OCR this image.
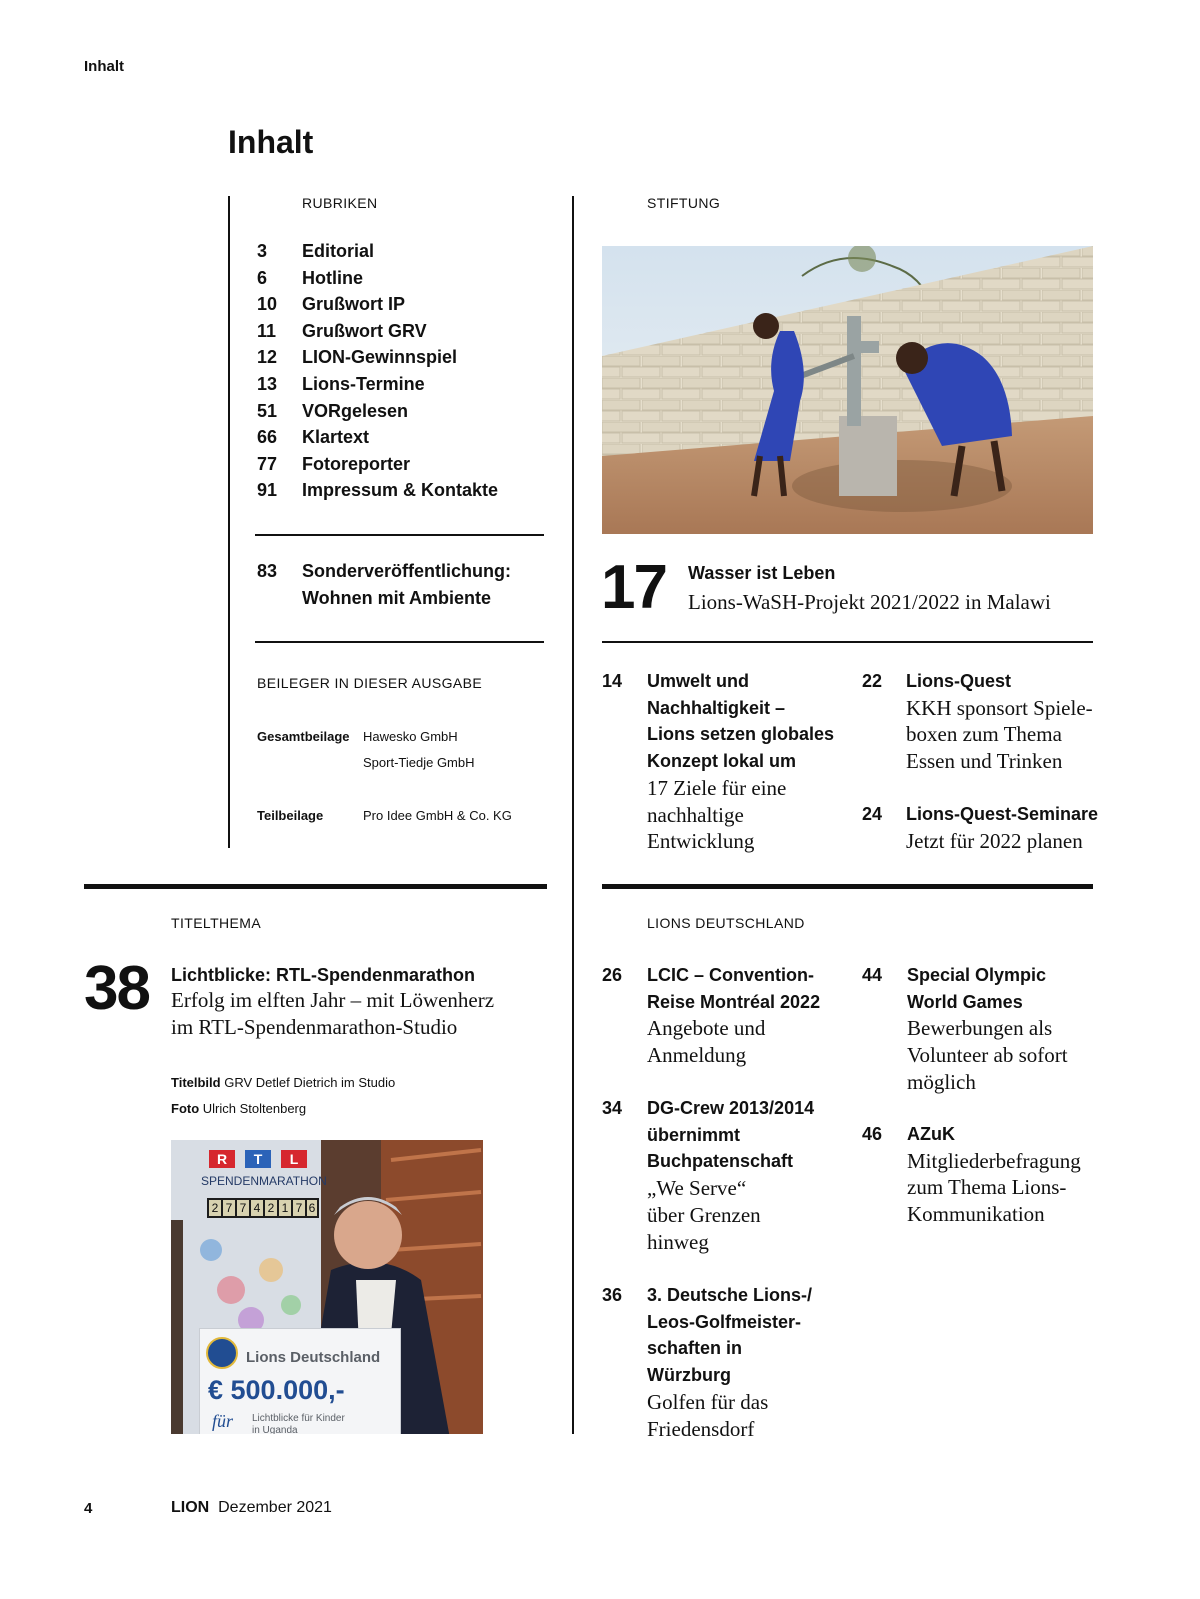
Inhalt
Inhalt
RUBRIKEN
3 Editorial
6 Hotline
10 Grußwort IP
11 Grußwort GRV
12 LION-Gewinnspiel
13 Lions-Termine
51 VORgelesen
66 Klartext
77 Fotoreporter
91 Impressum & Kontakte
83 Sonderveröffentlichung:
Wohnen mit Ambiente
BEILEGER IN DIESER AUSGABE
Gesamtbeilage Hawesko GmbH
Sport-Tiedje GmbH
Teilbeilage	Pro Idee GmbH & Co. KG
STIFTUNG
17 Wasser ist Leben
Lions-WaSH-Projekt 2021/2022 in Malawi
14 Umwelt und
Nachhaltigkeit –
Lions setzen globales
Konzept lokal um
17 Ziele für eine
nachhaltige
Entwicklung
22 Lions-Quest
KKH sponsort Spiele-
boxen zum Thema
Essen und Trinken
24 Lions-Quest-Seminare
Jetzt für 2022 planen
TITELTHEMA
38 Lichtblicke: RTL-Spendenmarathon
Erfolg im elften Jahr – mit Löwenherz
im RTL-Spendenmarathon-Studio
Titelbild GRV Detlef Dietrich im Studio
Foto Ulrich Stoltenberg
R	T	L
SPENDENMARATHON
2 7 7 4 2 1 7 6
Lions Deutschland
€ 500.000,-
für Lichtblicke für Kinder
in Uganda
LIONS DEUTSCHLAND
26 LCIC – Convention-
Reise Montréal 2022
Angebote und
Anmeldung
34 DG-Crew 2013/2014
übernimmt
Buchpatenschaft
„We Serve“
über Grenzen
hinweg
36 3. Deutsche Lions-/
Leos-Golfmeister-
schaften in
Würzburg
Golfen für das
Friedensdorf
44 Special Olympic
World Games
Bewerbungen als
Volunteer ab sofort
möglich
46 AZuK
Mitgliederbefragung
zum Thema Lions-
Kommunikation
4	LION Dezember 2021
